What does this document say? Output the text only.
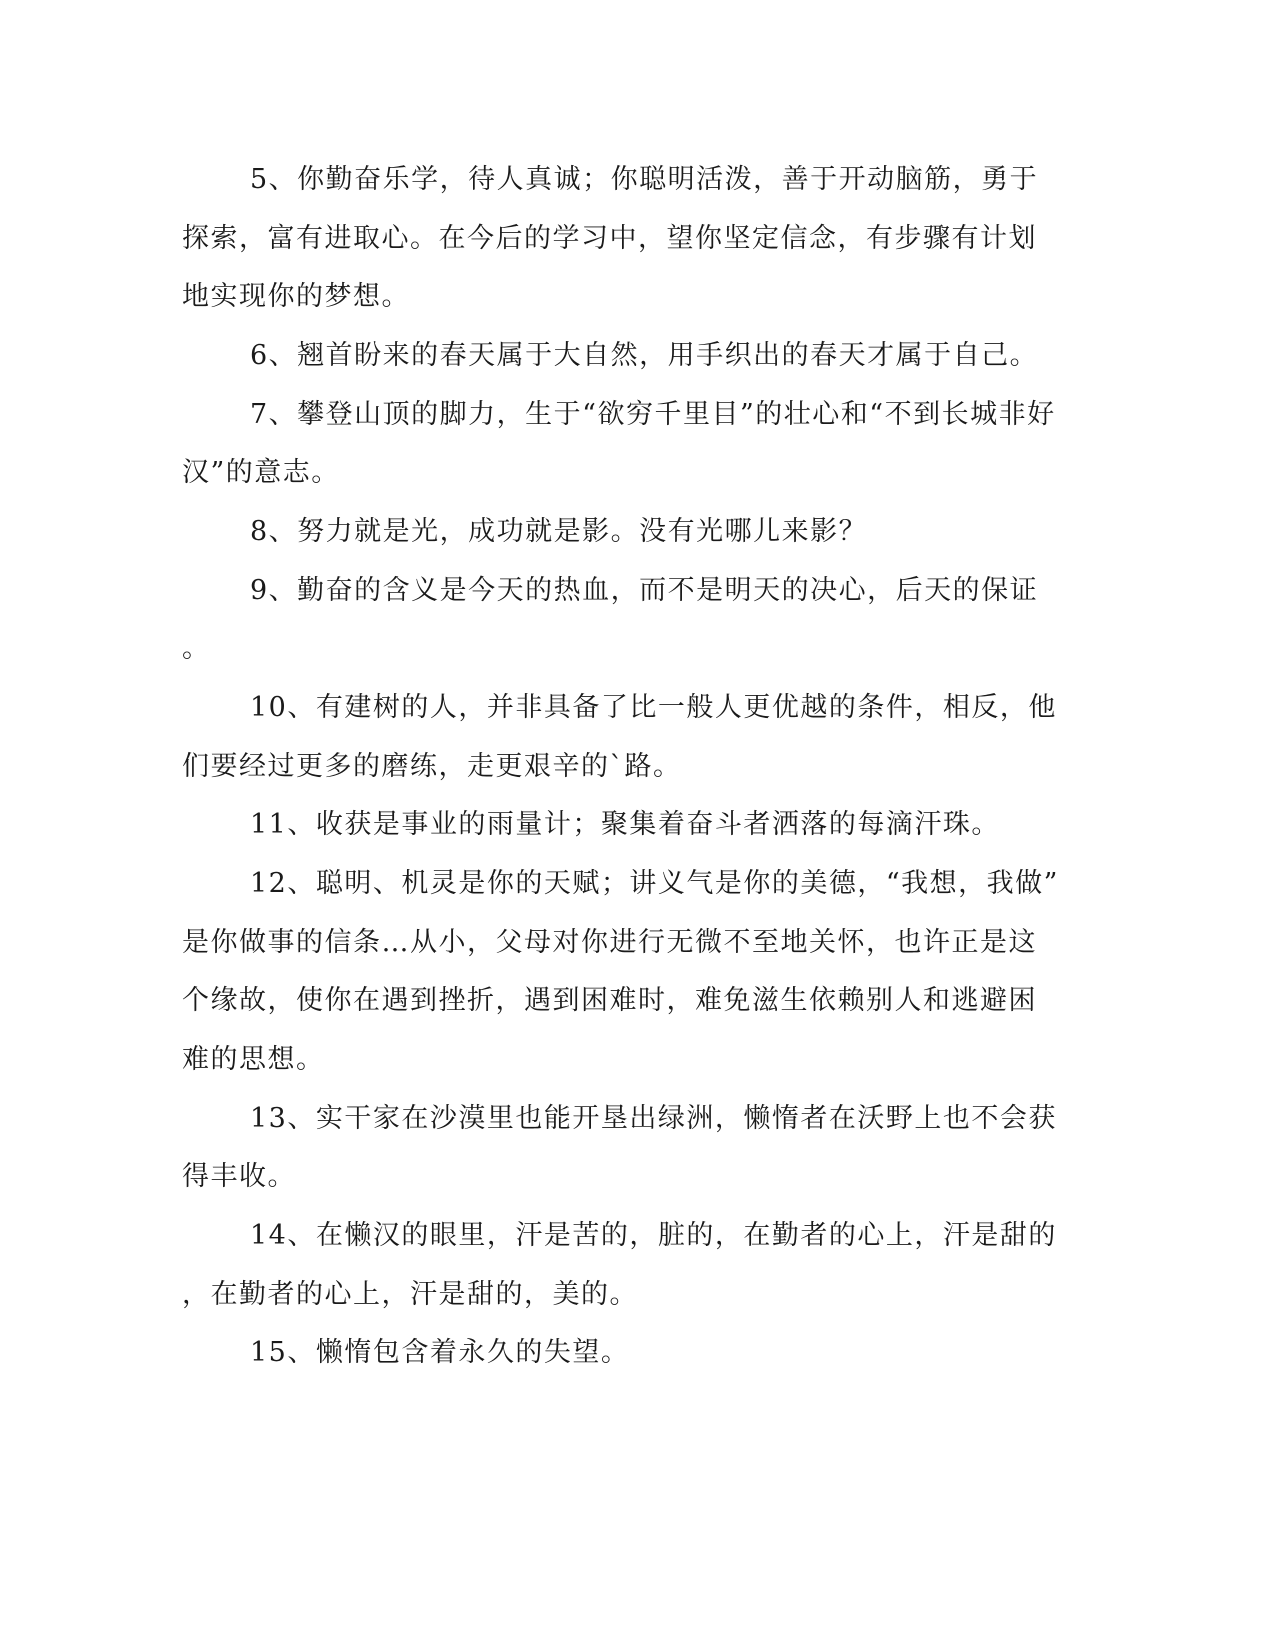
5、你勤奋乐学，待人真诚；你聪明活泼，善于开动脑筋，勇于
探索，富有进取心。在今后的学习中，望你坚定信念，有步骤有计划
地实现你的梦想。
6、翘首盼来的春天属于大自然，用手织出的春天才属于自己。
7、攀登山顶的脚力，生于“欲穷千里目”的壮心和“不到长城非好
汉”的意志。
8、努力就是光，成功就是影。没有光哪儿来影？
9、勤奋的含义是今天的热血，而不是明天的决心，后天的保证
。
10、有建树的人，并非具备了比一般人更优越的条件，相反，他
们要经过更多的磨练，走更艰辛的`路。
11、收获是事业的雨量计；聚集着奋斗者洒落的每滴汗珠。
12、聪明、机灵是你的天赋；讲义气是你的美德，“我想，我做”
是你做事的信条…从小，父母对你进行无微不至地关怀，也许正是这
个缘故，使你在遇到挫折，遇到困难时，难免滋生依赖别人和逃避困
难的思想。
13、实干家在沙漠里也能开垦出绿洲，懒惰者在沃野上也不会获
得丰收。
14、在懒汉的眼里，汗是苦的，脏的，在勤者的心上，汗是甜的
，在勤者的心上，汗是甜的，美的。
15、懒惰包含着永久的失望。
